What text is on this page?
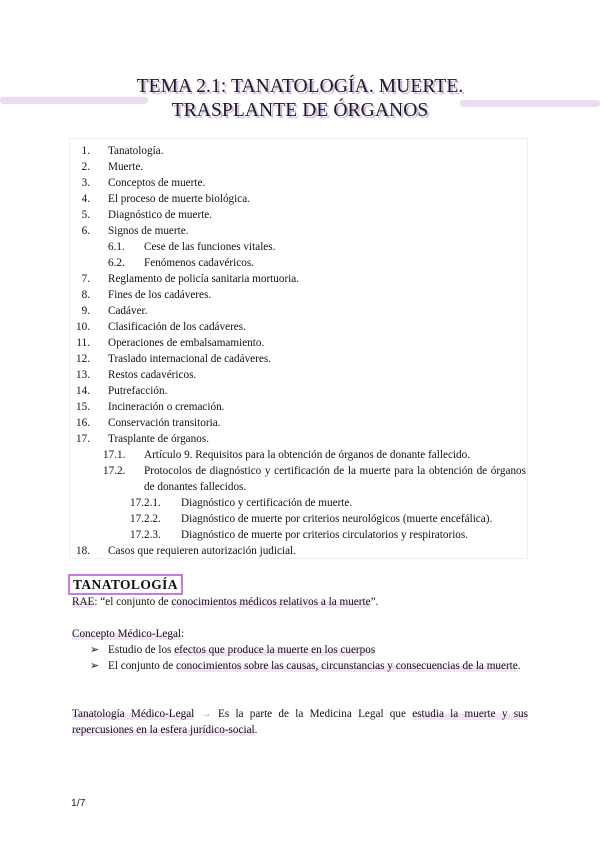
TEMA 2.1: TANATOLOGÍA. MUERTE.
TRASPLANTE DE ÓRGANOS
1. Tanatología.
2. Muerte.
3. Conceptos de muerte.
4. El proceso de muerte biológica.
5. Diagnóstico de muerte.
6. Signos de muerte.
6.1. Cese de las funciones vitales.
6.2. Fenómenos cadavéricos.
7. Reglamento de policía sanitaria mortuoria.
8. Fines de los cadáveres.
9. Cadáver.
10. Clasificación de los cadáveres.
11. Operaciones de embalsamamiento.
12. Traslado internacional de cadáveres.
13. Restos cadavéricos.
14. Putrefacción.
15. Incineración o cremación.
16. Conservación transitoria.
17. Trasplante de órganos.
17.1. Artículo 9. Requisitos para la obtención de órganos de donante fallecido.
17.2. Protocolos de diagnóstico y certificación de la muerte para la obtención de órganos de donantes fallecidos.
17.2.1. Diagnóstico y certificación de muerte.
17.2.2. Diagnóstico de muerte por criterios neurológicos (muerte encefálica).
17.2.3. Diagnóstico de muerte por criterios circulatorios y respiratorios.
18. Casos que requieren autorización judicial.
TANATOLOGÍA
RAE: “el conjunto de conocimientos médicos relativos a la muerte”.
Concepto Médico-Legal:
➢ Estudio de los efectos que produce la muerte en los cuerpos
➢ El conjunto de conocimientos sobre las causas, circunstancias y consecuencias de la muerte.
Tanatología Médico-Legal → Es la parte de la Medicina Legal que estudia la muerte y sus repercusiones en la esfera jurídico-social.
1/7
